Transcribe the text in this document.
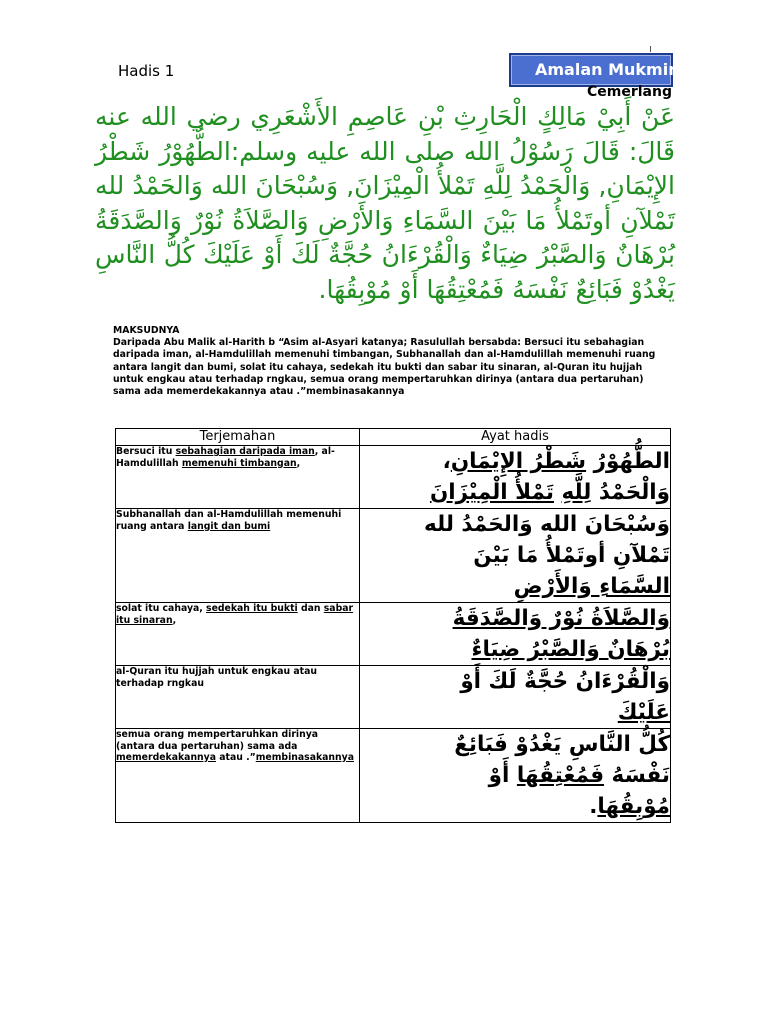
Hadis 1	Amalan Mukmin
Cemerlang
عَنْ أَبِيْ مَالِكٍ الْحَارِثِ بْنِ عَاصِمِ الأَشْعَرِي رضي الله عنه قَالَ: قَالَ رَسُوْلُ الله صلى الله عليه وسلم:الطُّهُوْرُ شَطْرُ الإِيْمَانِ, وَالْحَمْدُ لِلَّهِ تَمْلأُ الْمِيْزَانَ, وَسُبْحَانَ الله وَالحَمْدُ لله تَمْلآنِ أوتَمْلأُ مَا بَيْنَ السَّمَاءِ وَالأَرْضِ وَالصَّلاَةُ نُوْرٌ وَالصَّدَقَةُ بُرْهَانٌ وَالصَّبْرُ ضِيَاءٌ وَالْقُرْءَانُ حُجَّةٌ لَكَ أَوْ عَلَيْكَ كُلُّ النَّاسِ يَغْدُوْ فَبَائِعٌ نَفْسَهُ فَمُعْتِقُهَا أَوْ مُوْبِقُهَا.
MAKSUDNYA
Daripada Abu Malik al-Harith b “Asim al-Asyari katanya; Rasulullah bersabda: Bersuci itu sebahagian daripada iman, al-Hamdulillah memenuhi timbangan, Subhanallah dan al-Hamdulillah memenuhi ruang antara langit dan bumi, solat itu cahaya, sedekah itu bukti dan sabar itu sinaran, al-Quran itu hujjah untuk engkau atau terhadap rngkau, semua orang mempertaruhkan dirinya (antara dua pertaruhan) sama ada memerdekakannya atau .”membinasakannya
Terjemahan	Ayat hadis
Bersuci itu sebahagian daripada iman, al-Hamdulillah memenuhi timbangan,	الطُّهُوْرُ شَطْرُ الإِيْمَانِ،
وَالْحَمْدُ لِلَّهِ تَمْلأُ الْمِيْزَانَ

Subhanallah dan al-Hamdulillah memenuhi ruang antara langit dan bumi	وَسُبْحَانَ الله وَالحَمْدُ لله
تَمْلآنِ أوتَمْلأُ مَا بَيْنَ
السَّمَاءِ وَالأَرْضِ

solat itu cahaya, sedekah itu bukti dan sabar itu sinaran,	وَالصَّلاَةُ نُوْرٌ وَالصَّدَقَةُ
بُرْهَانٌ وَالصَّبْرُ ضِيَاءٌ

al-Quran itu hujjah untuk engkau atau terhadap rngkau	وَالْقُرْءَانُ حُجَّةٌ لَكَ أَوْ
عَلَيْكَ

semua orang mempertaruhkan dirinya (antara dua pertaruhan) sama ada memerdekakannya atau .”membinasakannya	كُلُّ النَّاسِ يَغْدُوْ فَبَائِعٌ
نَفْسَهُ فَمُعْتِقُهَا أَوْ
مُوْبِقُهَا.
